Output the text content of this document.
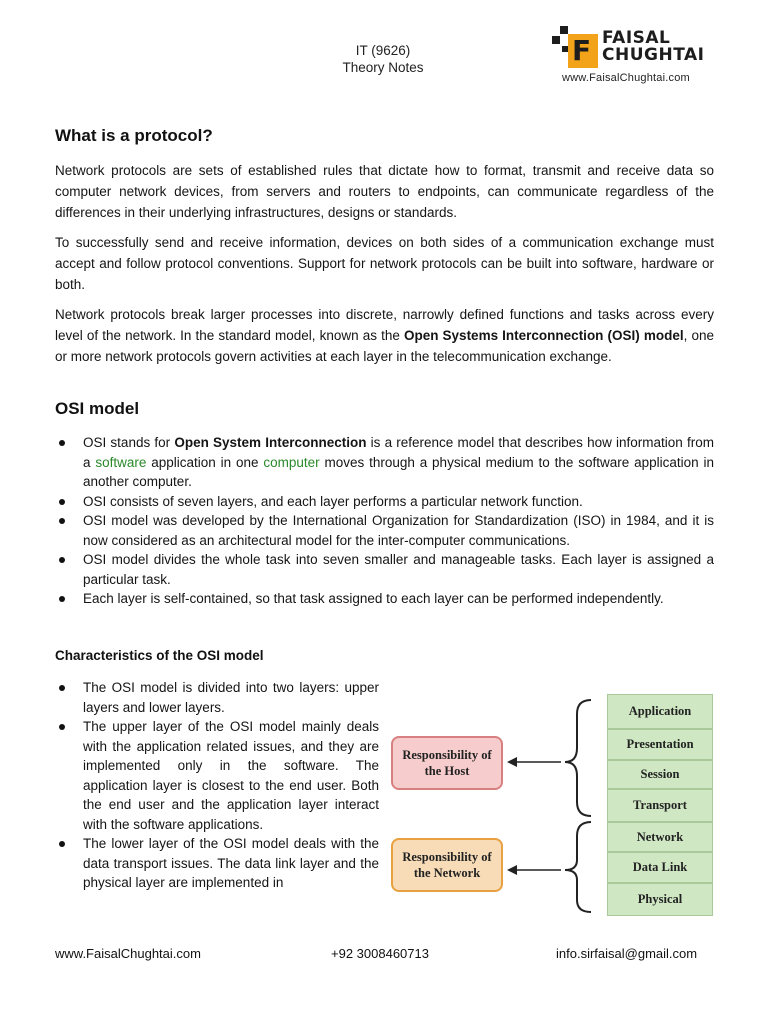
IT (9626)
Theory Notes
F FAISAL
CHUGHTAI
www.FaisalChughtai.com
What is a protocol?

Network protocols are sets of established rules that dictate how to format, transmit and receive data so computer network devices, from servers and routers to endpoints, can communicate regardless of the differences in their underlying infrastructures, designs or standards.

To successfully send and receive information, devices on both sides of a communication exchange must accept and follow protocol conventions. Support for network protocols can be built into software, hardware or both.

Network protocols break larger processes into discrete, narrowly defined functions and tasks across every level of the network. In the standard model, known as the Open Systems Interconnection (OSI) model, one or more network protocols govern activities at each layer in the telecommunication exchange.

OSI model
OSI stands for Open System Interconnection is a reference model that describes how information from a software application in one computer moves through a physical medium to the software application in another computer.
OSI consists of seven layers, and each layer performs a particular network function.
OSI model was developed by the International Organization for Standardization (ISO) in 1984, and it is now considered as an architectural model for the inter-computer communications.
OSI model divides the whole task into seven smaller and manageable tasks. Each layer is assigned a particular task.
Each layer is self-contained, so that task assigned to each layer can be performed independently.
Characteristics of the OSI model
The OSI model is divided into two layers: upper layers and lower layers.
The upper layer of the OSI model mainly deals with the application related issues, and they are implemented only in the software. The application layer is closest to the end user. Both the end user and the application layer interact with the software applications.
The lower layer of the OSI model deals with the data transport issues. The data link layer and the physical layer are implemented in
Responsibility of the Host
Responsibility of the Network
Application
Presentation
Session
Transport
Network
Data Link
Physical
www.FaisalChughtai.com	+92 3008460713	info.sirfaisal@gmail.com
